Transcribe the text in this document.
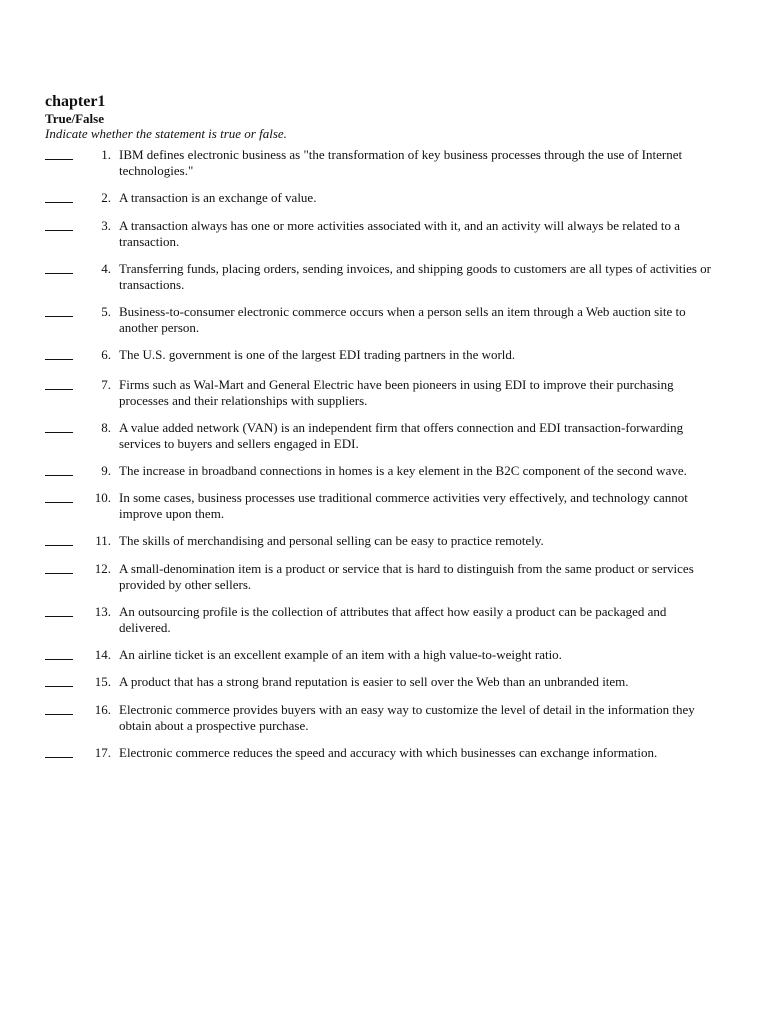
chapter1
True/False

Indicate whether the statement is true or false.

1. IBM defines electronic business as "the transformation of key business processes through the use of Internet technologies."
2. A transaction is an exchange of value.
3. A transaction always has one or more activities associated with it, and an activity will always be related to a transaction.
4. Transferring funds, placing orders, sending invoices, and shipping goods to customers are all types of activities or transactions.
5. Business-to-consumer electronic commerce occurs when a person sells an item through a Web auction site to another person.
6. The U.S. government is one of the largest EDI trading partners in the world.
7. Firms such as Wal-Mart and General Electric have been pioneers in using EDI to improve their purchasing processes and their relationships with suppliers.
8. A value added network (VAN) is an independent firm that offers connection and EDI transaction-forwarding services to buyers and sellers engaged in EDI.
9. The increase in broadband connections in homes is a key element in the B2C component of the second wave.
10. In some cases, business processes use traditional commerce activities very effectively, and technology cannot improve upon them.
11. The skills of merchandising and personal selling can be easy to practice remotely.
12. A small-denomination item is a product or service that is hard to distinguish from the same product or services provided by other sellers.
13. An outsourcing profile is the collection of attributes that affect how easily a product can be packaged and delivered.
14. An airline ticket is an excellent example of an item with a high value-to-weight ratio.
15. A product that has a strong brand reputation is easier to sell over the Web than an unbranded item.
16. Electronic commerce provides buyers with an easy way to customize the level of detail in the information they obtain about a prospective purchase.
17. Electronic commerce reduces the speed and accuracy with which businesses can exchange information.
